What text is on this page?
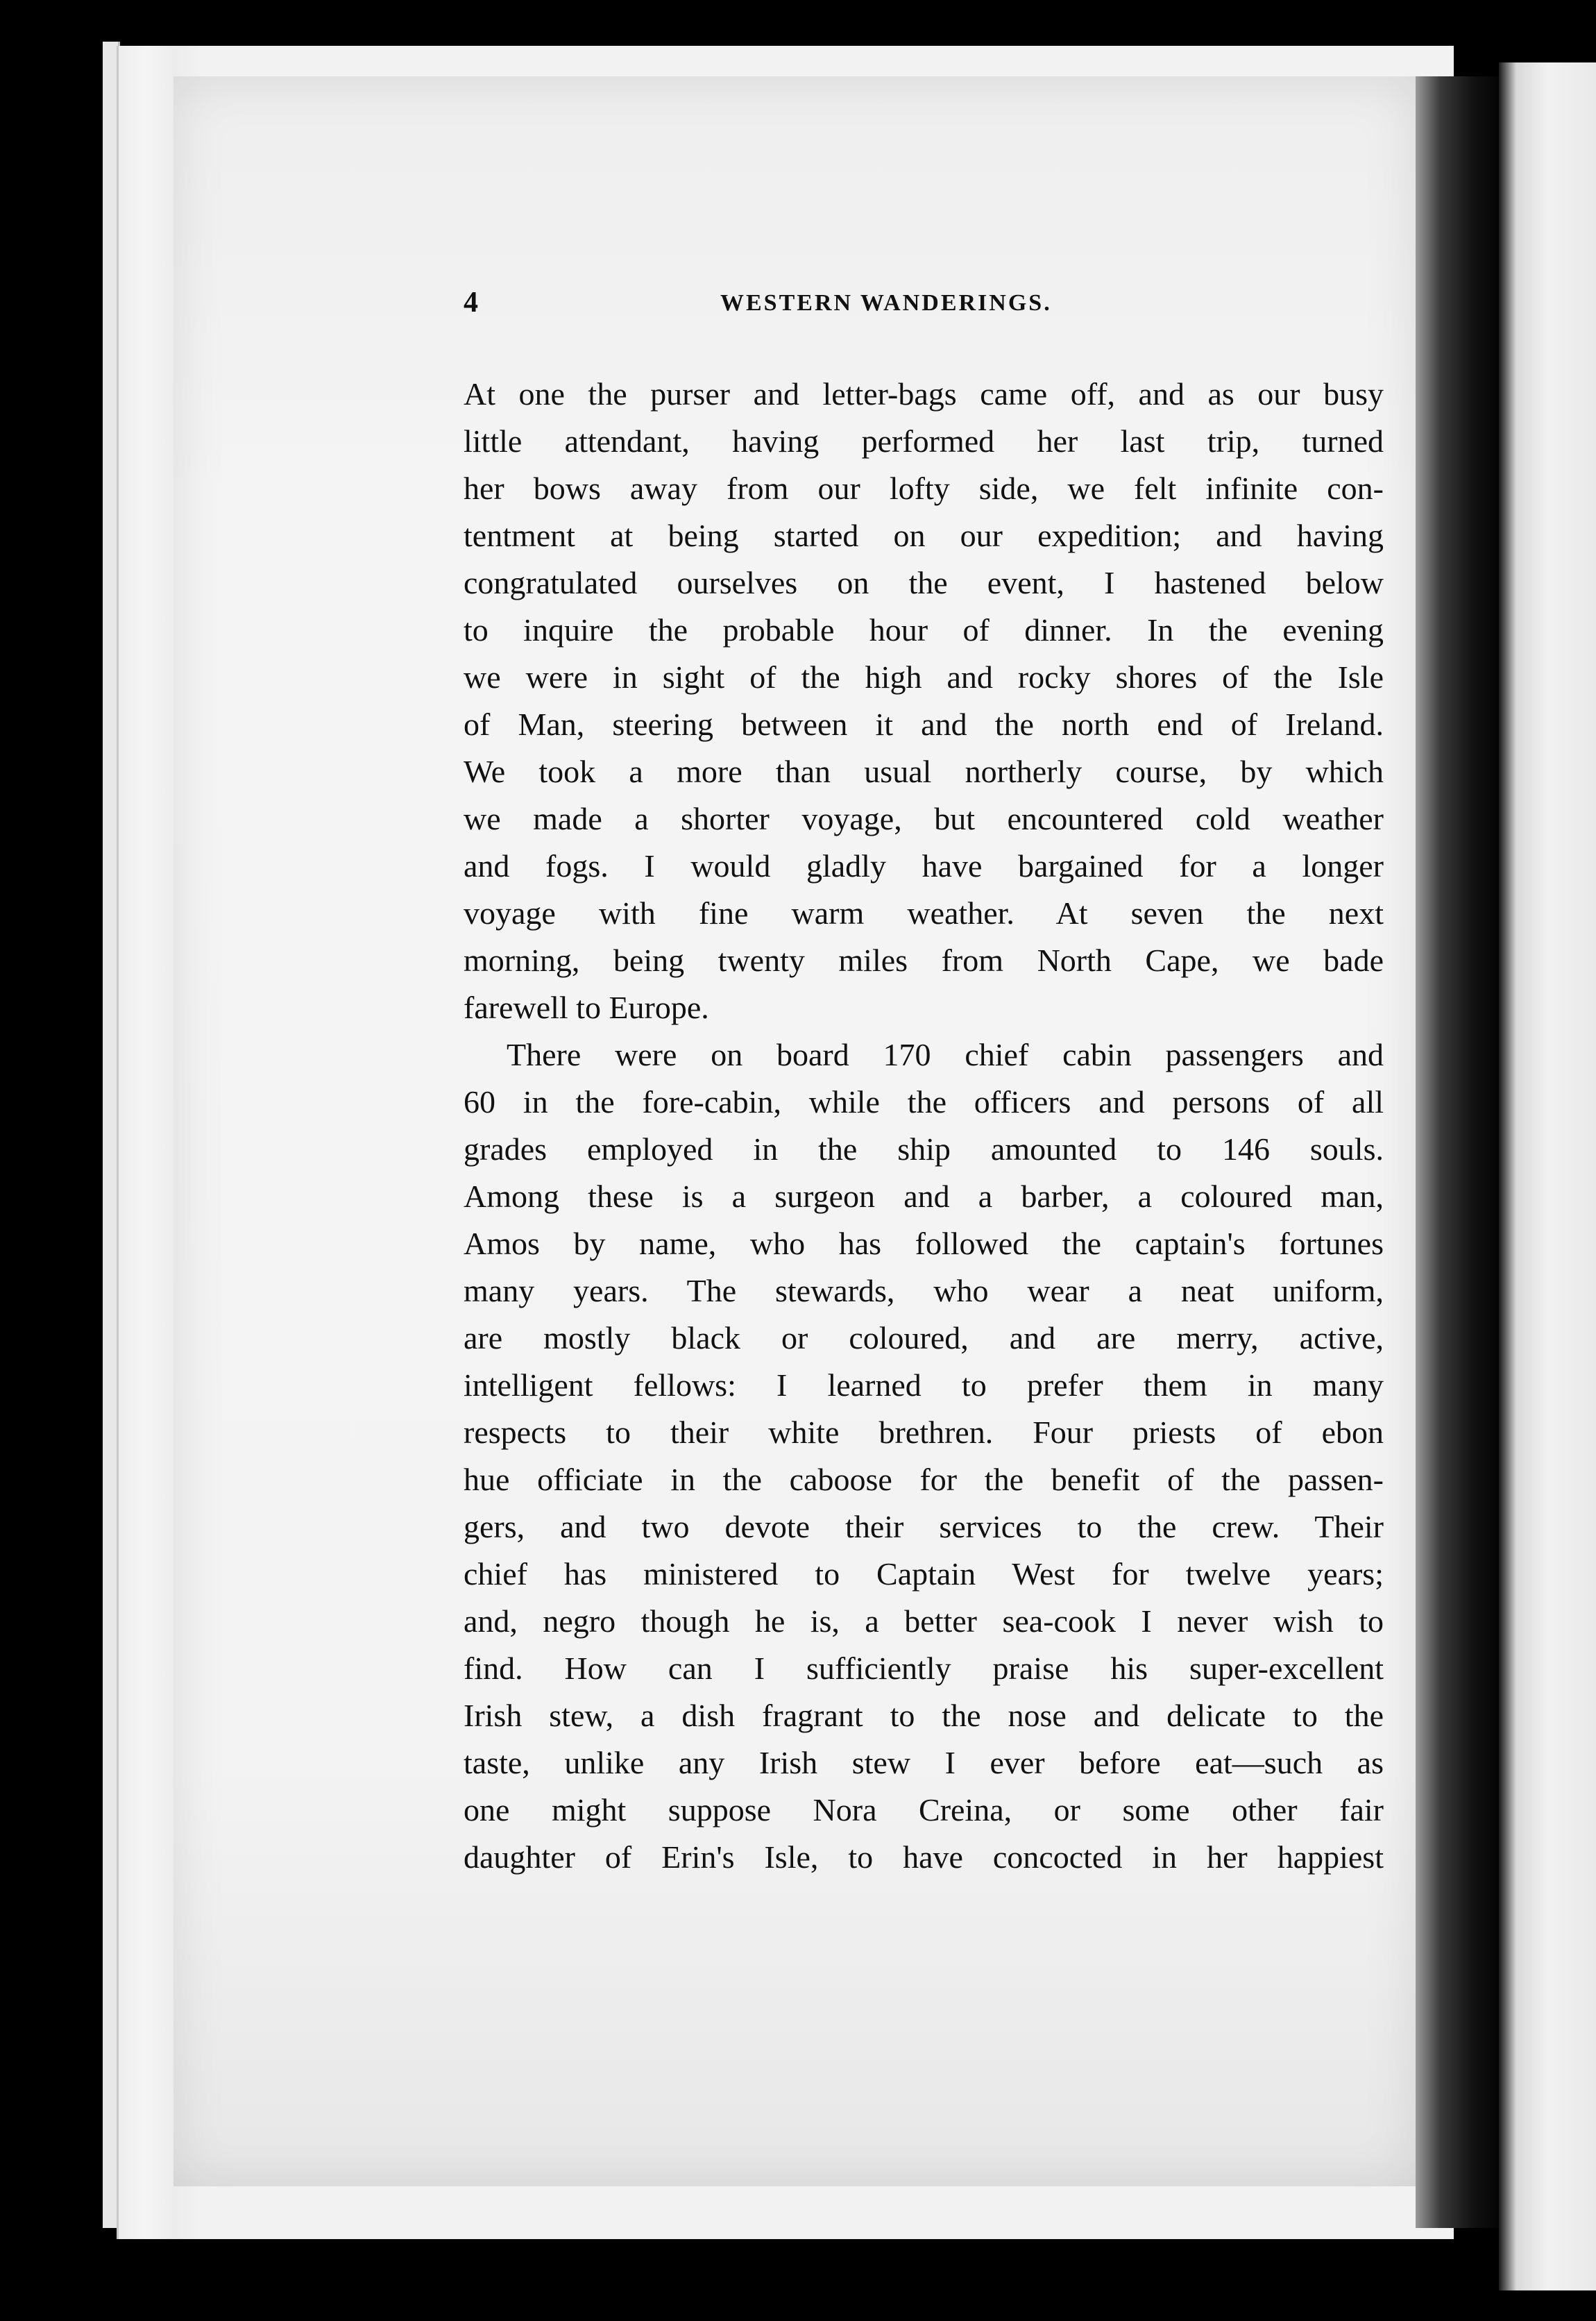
4	WESTERN WANDERINGS.
At one the purser and letter-bags came off, and as our busy
little attendant, having performed her last trip, turned
her bows away from our lofty side, we felt infinite con-
tentment at being started on our expedition; and having
congratulated ourselves on the event, I hastened below
to inquire the probable hour of dinner. In the evening
we were in sight of the high and rocky shores of the Isle
of Man, steering between it and the north end of Ireland.
We took a more than usual northerly course, by which
we made a shorter voyage, but encountered cold weather
and fogs. I would gladly have bargained for a longer
voyage with fine warm weather. At seven the next
morning, being twenty miles from North Cape, we bade
farewell to Europe.
There were on board 170 chief cabin passengers and
60 in the fore-cabin, while the officers and persons of all
grades employed in the ship amounted to 146 souls.
Among these is a surgeon and a barber, a coloured man,
Amos by name, who has followed the captain's fortunes
many years. The stewards, who wear a neat uniform,
are mostly black or coloured, and are merry, active,
intelligent fellows: I learned to prefer them in many
respects to their white brethren. Four priests of ebon
hue officiate in the caboose for the benefit of the passen-
gers, and two devote their services to the crew. Their
chief has ministered to Captain West for twelve years;
and, negro though he is, a better sea-cook I never wish to
find. How can I sufficiently praise his super-excellent
Irish stew, a dish fragrant to the nose and delicate to the
taste, unlike any Irish stew I ever before eat—such as
one might suppose Nora Creina, or some other fair
daughter of Erin's Isle, to have concocted in her happiest
